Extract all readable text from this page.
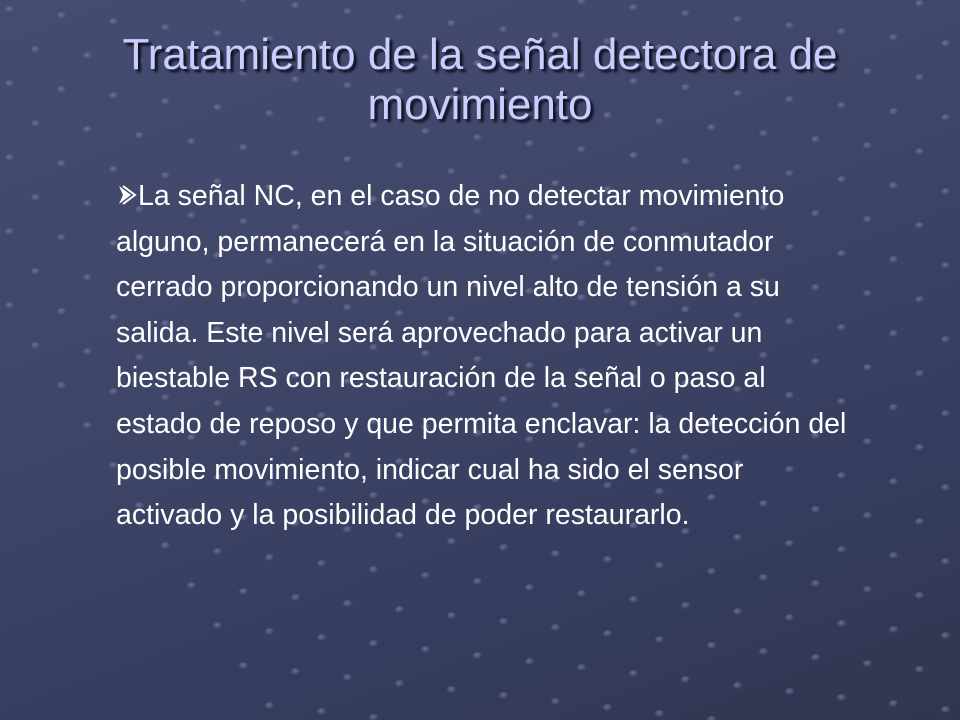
Tratamiento de la señal detectora de movimiento

La señal NC, en el caso de no detectar movimiento alguno, permanecerá en la situación de conmutador cerrado proporcionando un nivel alto de tensión a su salida. Este nivel será aprovechado para activar un biestable RS con restauración de la señal o paso al estado de reposo y que permita enclavar: la detección del posible movimiento, indicar cual ha sido el sensor activado y la posibilidad de poder restaurarlo.
